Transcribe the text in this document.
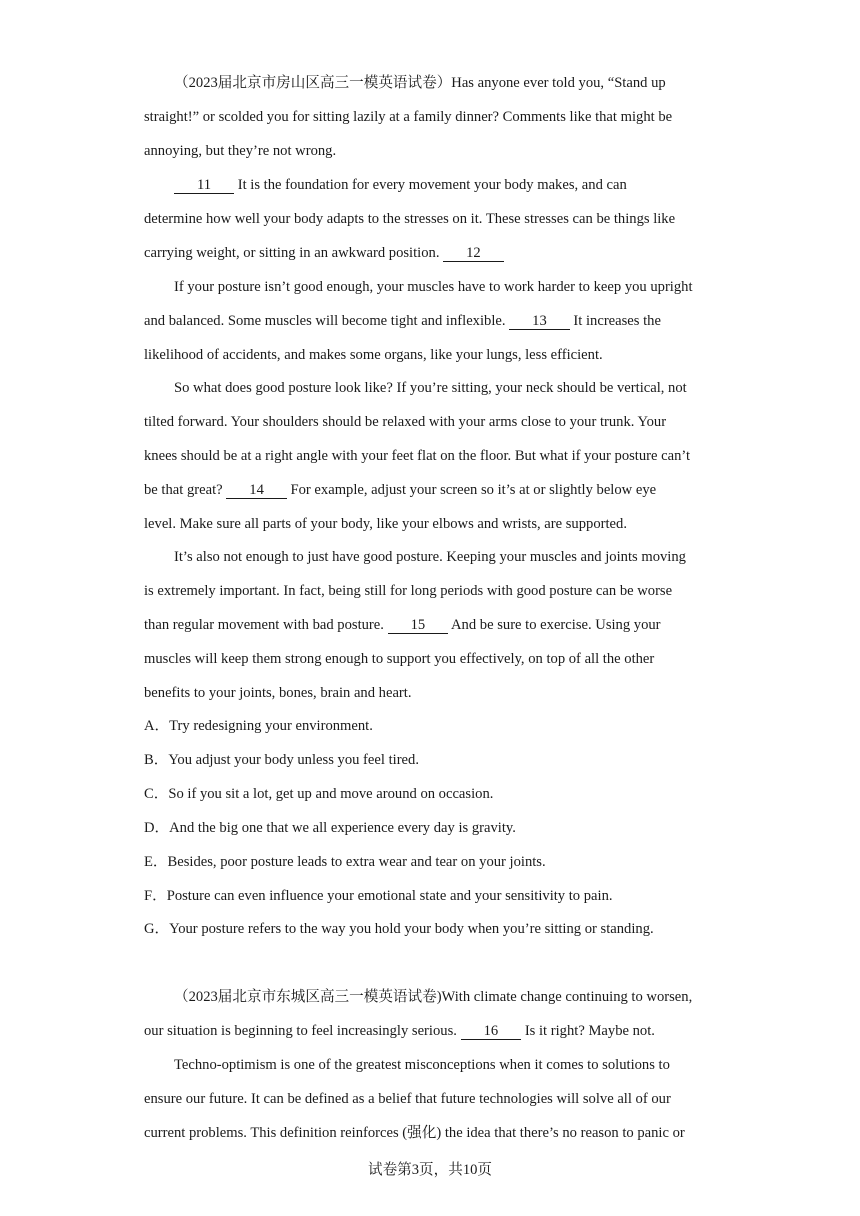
（2023届北京市房山区高三一模英语试卷）Has anyone ever told you, “Stand up
straight!” or scolded you for sitting lazily at a family dinner? Comments like that might be
annoying, but they’re not wrong.
11 It is the foundation for every movement your body makes, and can
determine how well your body adapts to the stresses on it. These stresses can be things like
carrying weight, or sitting in an awkward position. 12
If your posture isn’t good enough, your muscles have to work harder to keep you upright
and balanced. Some muscles will become tight and inflexible. 13 It increases the
likelihood of accidents, and makes some organs, like your lungs, less efficient.
So what does good posture look like? If you’re sitting, your neck should be vertical, not
tilted forward. Your shoulders should be relaxed with your arms close to your trunk. Your
knees should be at a right angle with your feet flat on the floor. But what if your posture can’t
be that great? 14 For example, adjust your screen so it’s at or slightly below eye
level. Make sure all parts of your body, like your elbows and wrists, are supported.
It’s also not enough to just have good posture. Keeping your muscles and joints moving
is extremely important. In fact, being still for long periods with good posture can be worse
than regular movement with bad posture. 15 And be sure to exercise. Using your
muscles will keep them strong enough to support you effectively, on top of all the other
benefits to your joints, bones, brain and heart.
A．Try redesigning your environment.
B．You adjust your body unless you feel tired.
C．So if you sit a lot, get up and move around on occasion.
D．And the big one that we all experience every day is gravity.
E．Besides, poor posture leads to extra wear and tear on your joints.
F．Posture can even influence your emotional state and your sensitivity to pain.
G．Your posture refers to the way you hold your body when you’re sitting or standing.
（2023届北京市东城区高三一模英语试卷)With climate change continuing to worsen,
our situation is beginning to feel increasingly serious. 16 Is it right? Maybe not.
Techno-optimism is one of the greatest misconceptions when it comes to solutions to
ensure our future. It can be defined as a belief that future technologies will solve all of our
current problems. This definition reinforces (强化) the idea that there’s no reason to panic or
试卷第3页，共10页
